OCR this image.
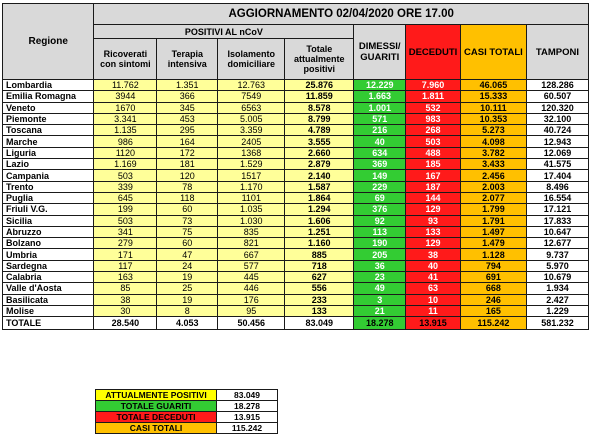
Regione	AGGIORNAMENTO 02/04/2020 ORE 17.00							
	POSITIVI AL nCoV				DIMESSI/ GUARITI	DECEDUTI	CASI TOTALI	TAMPONI
	Ricoverati con sintomi	Terapia intensiva	Isolamento domiciliare	Totale attualmente positivi				
Lombardia	11.762	1.351	12.763	25.876	12.229	7.960	46.065	128.286
Emilia Romagna	3944	366	7549	11.859	1.663	1.811	15.333	60.507
Veneto	1670	345	6563	8.578	1.001	532	10.111	120.320
Piemonte	3.341	453	5.005	8.799	571	983	10.353	32.100
Toscana	1.135	295	3.359	4.789	216	268	5.273	40.724
Marche	986	164	2405	3.555	40	503	4.098	12.943
Liguria	1120	172	1368	2.660	634	488	3.782	12.069
Lazio	1.169	181	1.529	2.879	369	185	3.433	41.575
Campania	503	120	1517	2.140	149	167	2.456	17.404
Trento	339	78	1.170	1.587	229	187	2.003	8.496
Puglia	645	118	1101	1.864	69	144	2.077	16.554
Friuli V.G.	199	60	1.035	1.294	376	129	1.799	17.121
Sicilia	503	73	1.030	1.606	92	93	1.791	17.833
Abruzzo	341	75	835	1.251	113	133	1.497	10.647
Bolzano	279	60	821	1.160	190	129	1.479	12.677
Umbria	171	47	667	885	205	38	1.128	9.737
Sardegna	117	24	577	718	36	40	794	5.970
Calabria	163	19	445	627	23	41	691	10.679
Valle d'Aosta	85	25	446	556	49	63	668	1.934
Basilicata	38	19	176	233	3	10	246	2.427
Molise	30	8	95	133	21	11	165	1.229
TOTALE	28.540	4.053	50.456	83.049	18.278	13.915	115.242	581.232
ATTUALMENTE POSITIVI	83.049
TOTALE GUARITI	18.278
TOTALE DECEDUTI	13.915
CASI TOTALI	115.242
